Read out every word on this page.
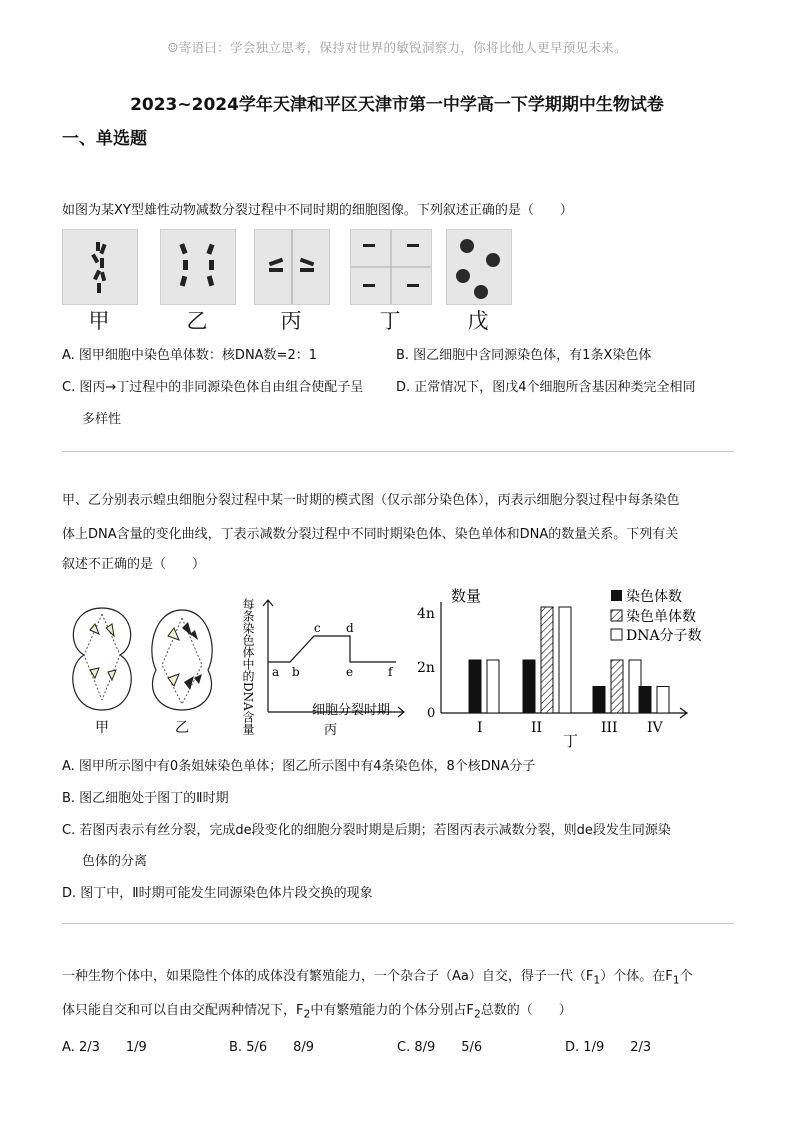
☺寄语曰：学会独立思考，保持对世界的敏锐洞察力，你将比他人更早预见未来。
2023~2024学年天津和平区天津市第一中学高一下学期期中生物试卷
一、单选题
如图为某XY型雄性动物减数分裂过程中不同时期的细胞图像。下列叙述正确的是（　　）
甲	乙	丙	丁	戊
A. 图甲细胞中染色单体数：核DNA数=2：1	B. 图乙细胞中含同源染色体，有1条X染色体
C. 图丙→丁过程中的非同源染色体自由组合使配子呈
多样性
D. 正常情况下，图戊4个细胞所含基因种类完全相同
甲、乙分别表示蝗虫细胞分裂过程中某一时期的模式图（仅示部分染色体），丙表示细胞分裂过程中每条染色
体上DNA含量的变化曲线，丁表示减数分裂过程中不同时期染色体、染色单体和DNA的数量关系。下列有关
叙述不正确的是（　　）
甲	乙	每条染色体中的DNA含量 a b
c d
e	f
细胞分裂时期
丙
数量
4n
2n
0
I	II	III IV
丁
染色体数
染色单体数
DNA分子数
A. 图甲所示图中有0条姐妹染色单体；图乙所示图中有4条染色体，8个核DNA分子
B. 图乙细胞处于图丁的Ⅱ时期
C. 若图丙表示有丝分裂，完成de段变化的细胞分裂时期是后期；若图丙表示减数分裂，则de段发生同源染
色体的分离
D. 图丁中，Ⅱ时期可能发生同源染色体片段交换的现象
一种生物个体中，如果隐性个体的成体没有繁殖能力，一个杂合子（Aa）自交，得子一代$(F_1)$个体。在$F_1$个
体只能自交和可以自由交配两种情况下，$F_2$中有繁殖能力的个体分别占$F_2$总数的（　　）
A. 2/3 1/9	B. 5/6 8/9	C. 8/9 5/6	D. 1/9 2/3
